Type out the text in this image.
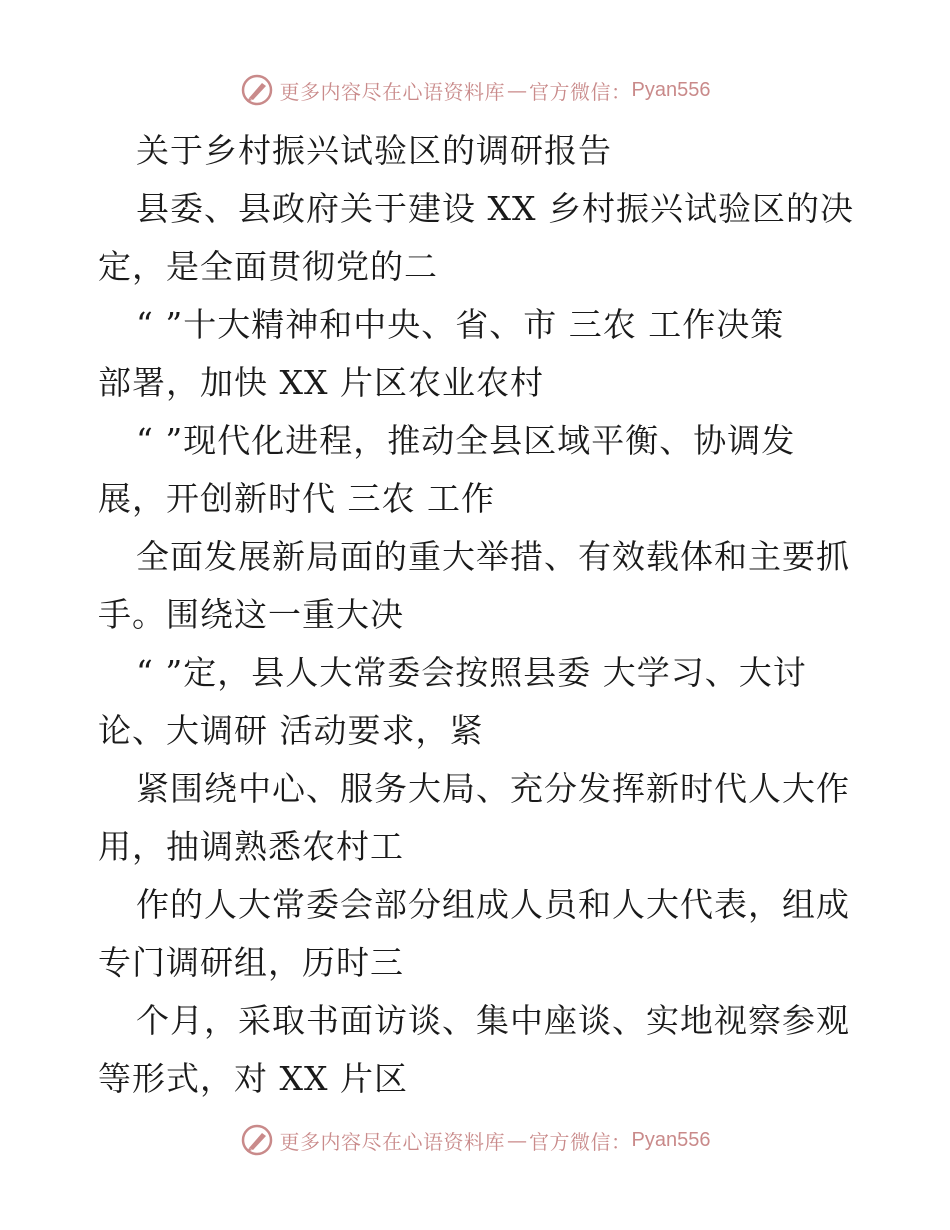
更多内容尽在心语资料库 — 官方微信： Pyan556
关于乡村振兴试验区的调研报告
县委、县政府关于建设 XX 乡村振兴试验区的决
定，是全面贯彻党的二
“ ”十大精神和中央、省、市 三农 工作决策
部署，加快 XX 片区农业农村
“ ”现代化进程，推动全县区域平衡、协调发
展，开创新时代 三农 工作
全面发展新局面的重大举措、有效载体和主要抓
手。围绕这一重大决
“ ”定，县人大常委会按照县委 大学习、大讨
论、大调研 活动要求，紧
紧围绕中心、服务大局、充分发挥新时代人大作
用，抽调熟悉农村工
作的人大常委会部分组成人员和人大代表，组成
专门调研组，历时三
个月，采取书面访谈、集中座谈、实地视察参观
等形式，对 XX 片区
更多内容尽在心语资料库 — 官方微信： Pyan556
